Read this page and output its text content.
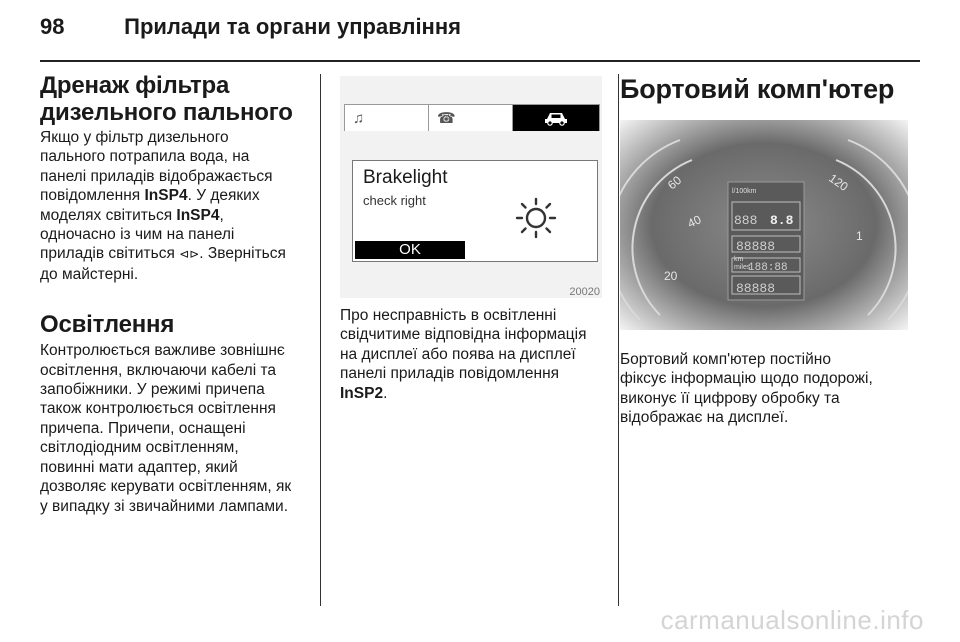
98	Прилади та органи управління
Дренаж фільтра
дизельного пального

Якщо у фільтр дизельного
пального потрапила вода, на
панелі приладів відображається
повідомлення InSP4. У деяких
моделях світиться InSP4,
одночасно із чим на панелі
приладів світиться ⊲⊳. Зверніться
до майстерні.

Освітлення

Контролюється важливе зовнішнє
освітлення, включаючи кабелі та
запобіжники. У режимі причепа
також контролюється освітлення
причепа. Причепи, оснащені
світлодіодним освітленням,
повинні мати адаптер, який
дозволяє керувати освітленням, як
у випадку зі звичайними лампами.

♫	☎
Brakelight
check right
OK
20020

Про несправність в освітленні
свідчитиме відповідна інформація
на дисплеї або поява на дисплеї
панелі приладів повідомлення
InSP2.

Бортовий комп'ютер
60
40
20
120
1
888 8.8
88888
188:88
88888
l/100km
km
miles

Бортовий комп'ютер постійно
фіксує інформацію щодо подорожі,
виконує її цифрову обробку та
відображає на дисплеї.

carmanualsonline.info
